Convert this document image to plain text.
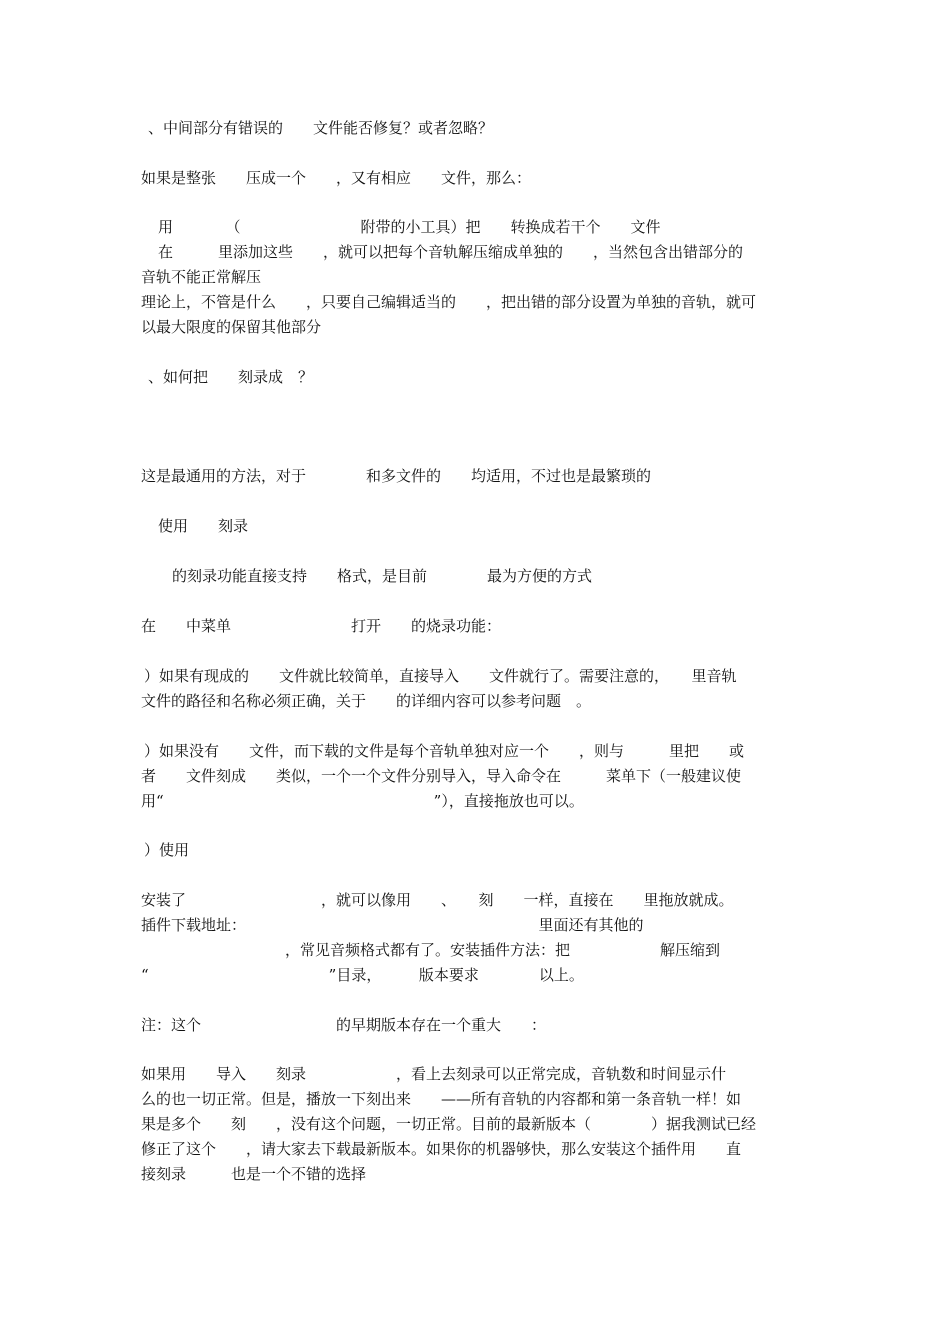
、中间部分有错误的　　文件能否修复？或者忽略？
如果是整张　　压成一个　　，又有相应　　文件，那么：
用　　　　（　　　　　　　　附带的小工具）把　　转换成若干个　　文件
在　　　里添加这些　　，就可以把每个音轨解压缩成单独的　　，当然包含出错部分的
音轨不能正常解压
理论上，不管是什么　　，只要自己编辑适当的　　，把出错的部分设置为单独的音轨，就可
以最大限度的保留其他部分
、如何把　　刻录成　？
这是最通用的方法，对于　　　　和多文件的　　均适用，不过也是最繁琐的
使用　　刻录
的刻录功能直接支持　　格式，是目前　　　　最为方便的方式
在　　中菜单　　　　　　　　打开　　的烧录功能：
）如果有现成的　　文件就比较简单，直接导入　　文件就行了。需要注意的，　　里音轨
文件的路径和名称必须正确，关于　　的详细内容可以参考问题　。
）如果没有　　文件，而下载的文件是每个音轨单独对应一个　　，则与　　　里把　　或
者　　文件刻成　　类似，一个一个文件分别导入，导入命令在　　　菜单下（一般建议使
用“　　　　　　　　　　　　　　　　　　”），直接拖放也可以。
）使用
安装了　　　　　　　　　，就可以像用　　、　　刻　　一样，直接在　　里拖放就成。
插件下载地址：　　　　　　　　　　　　　　　　　　　　里面还有其他的
，常见音频格式都有了。安装插件方法：把　　　　　　解压缩到
“　　　　　　　　　　　　”目录，　　　版本要求　　　　以上。
注：这个　　　　　　　　　的早期版本存在一个重大　　：
如果用　　导入　　刻录　　　　　　，看上去刻录可以正常完成，音轨数和时间显示什
么的也一切正常。但是，播放一下刻出来　　——所有音轨的内容都和第一条音轨一样！如
果是多个　　刻　　，没有这个问题，一切正常。目前的最新版本（　　　　）据我测试已经
修正了这个　　，请大家去下载最新版本。如果你的机器够快，那么安装这个插件用　　直
接刻录　　　也是一个不错的选择
